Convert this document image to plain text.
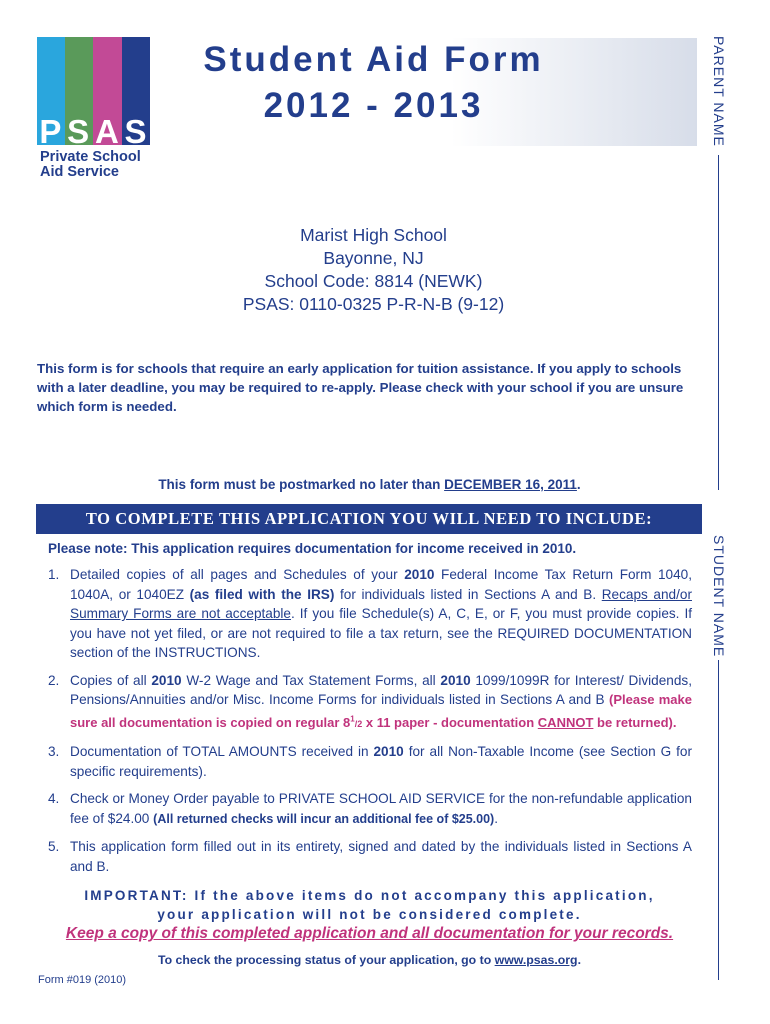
P S A S
Private School
Aid Service
Student Aid Form
2012 - 2013	PARENT NAME
STUDENT NAME
Marist High School
Bayonne, NJ
School Code: 8814 (NEWK)
PSAS: 0110-0325 P-R-N-B (9-12)
This form is for schools that require an early application for tuition assistance. If you apply to schools with a later deadline, you may be required to re-apply. Please check with your school if you are unsure which form is needed.
This form must be postmarked no later than DECEMBER 16, 2011.
TO COMPLETE THIS APPLICATION YOU WILL NEED TO INCLUDE:
Please note: This application requires documentation for income received in 2010.
1. Detailed copies of all pages and Schedules of your 2010 Federal Income Tax Return Form 1040, 1040A, or 1040EZ (as filed with the IRS) for individuals listed in Sections A and B. Recaps and/or Summary Forms are not acceptable. If you file Schedule(s) A, C, E, or F, you must provide copies. If you have not yet filed, or are not required to file a tax return, see the REQUIRED DOCUMENTATION section of the INSTRUCTIONS.
2. Copies of all 2010 W-2 Wage and Tax Statement Forms, all 2010 1099/1099R for Interest/ Dividends, Pensions/Annuities and/or Misc. Income Forms for individuals listed in Sections A and B (Please make sure all documentation is copied on regular $8^1/2$ x 11 paper - documentation CANNOT be returned).
3. Documentation of TOTAL AMOUNTS received in 2010 for all Non-Taxable Income (see Section G for specific requirements).
4. Check or Money Order payable to PRIVATE SCHOOL AID SERVICE for the non-refundable application fee of $24.00 (All returned checks will incur an additional fee of $25.00).
5. This application form filled out in its entirety, signed and dated by the individuals listed in Sections A and B.
IMPORTANT: If the above items do not accompany this application,
your application will not be considered complete.
Keep a copy of this completed application and all documentation for your records.
To check the processing status of your application, go to www.psas.org.
Form #019 (2010)
